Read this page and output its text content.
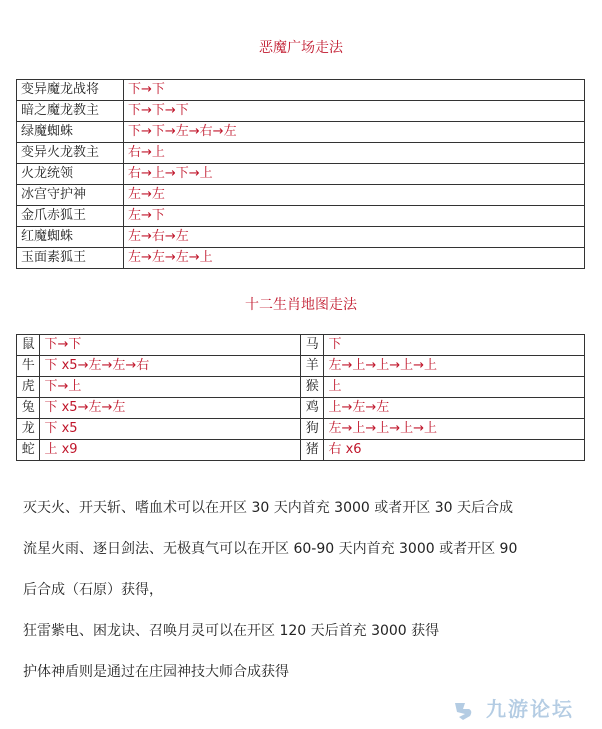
恶魔广场走法
变异魔龙战将	下→下
暗之魔龙教主	下→下→下
绿魔蜘蛛	下→下→左→右→左
变异火龙教主	右→上
火龙统领	右→上→下→上
冰宫守护神	左→左
金爪赤狐王	左→下
红魔蜘蛛	左→右→左
玉面素狐王	左→左→左→上
十二生肖地图走法
鼠	下→下	马	下
牛	下 x5→左→左→右	羊	左→上→上→上→上
虎	下→上	猴	上
兔	下 x5→左→左	鸡	上→左→左
龙	下 x5	狗	左→上→上→上→上
蛇	上 x9	猪	右 x6
灭天火、开天斩、嗜血术可以在开区 30 天内首充 3000 或者开区 30 天后合成
流星火雨、逐日剑法、无极真气可以在开区 60-90 天内首充 3000 或者开区 90
后合成（石原）获得，
狂雷紫电、困龙诀、召唤月灵可以在开区 120 天后首充 3000 获得
护体神盾则是通过在庄园神技大师合成获得
九游论坛
